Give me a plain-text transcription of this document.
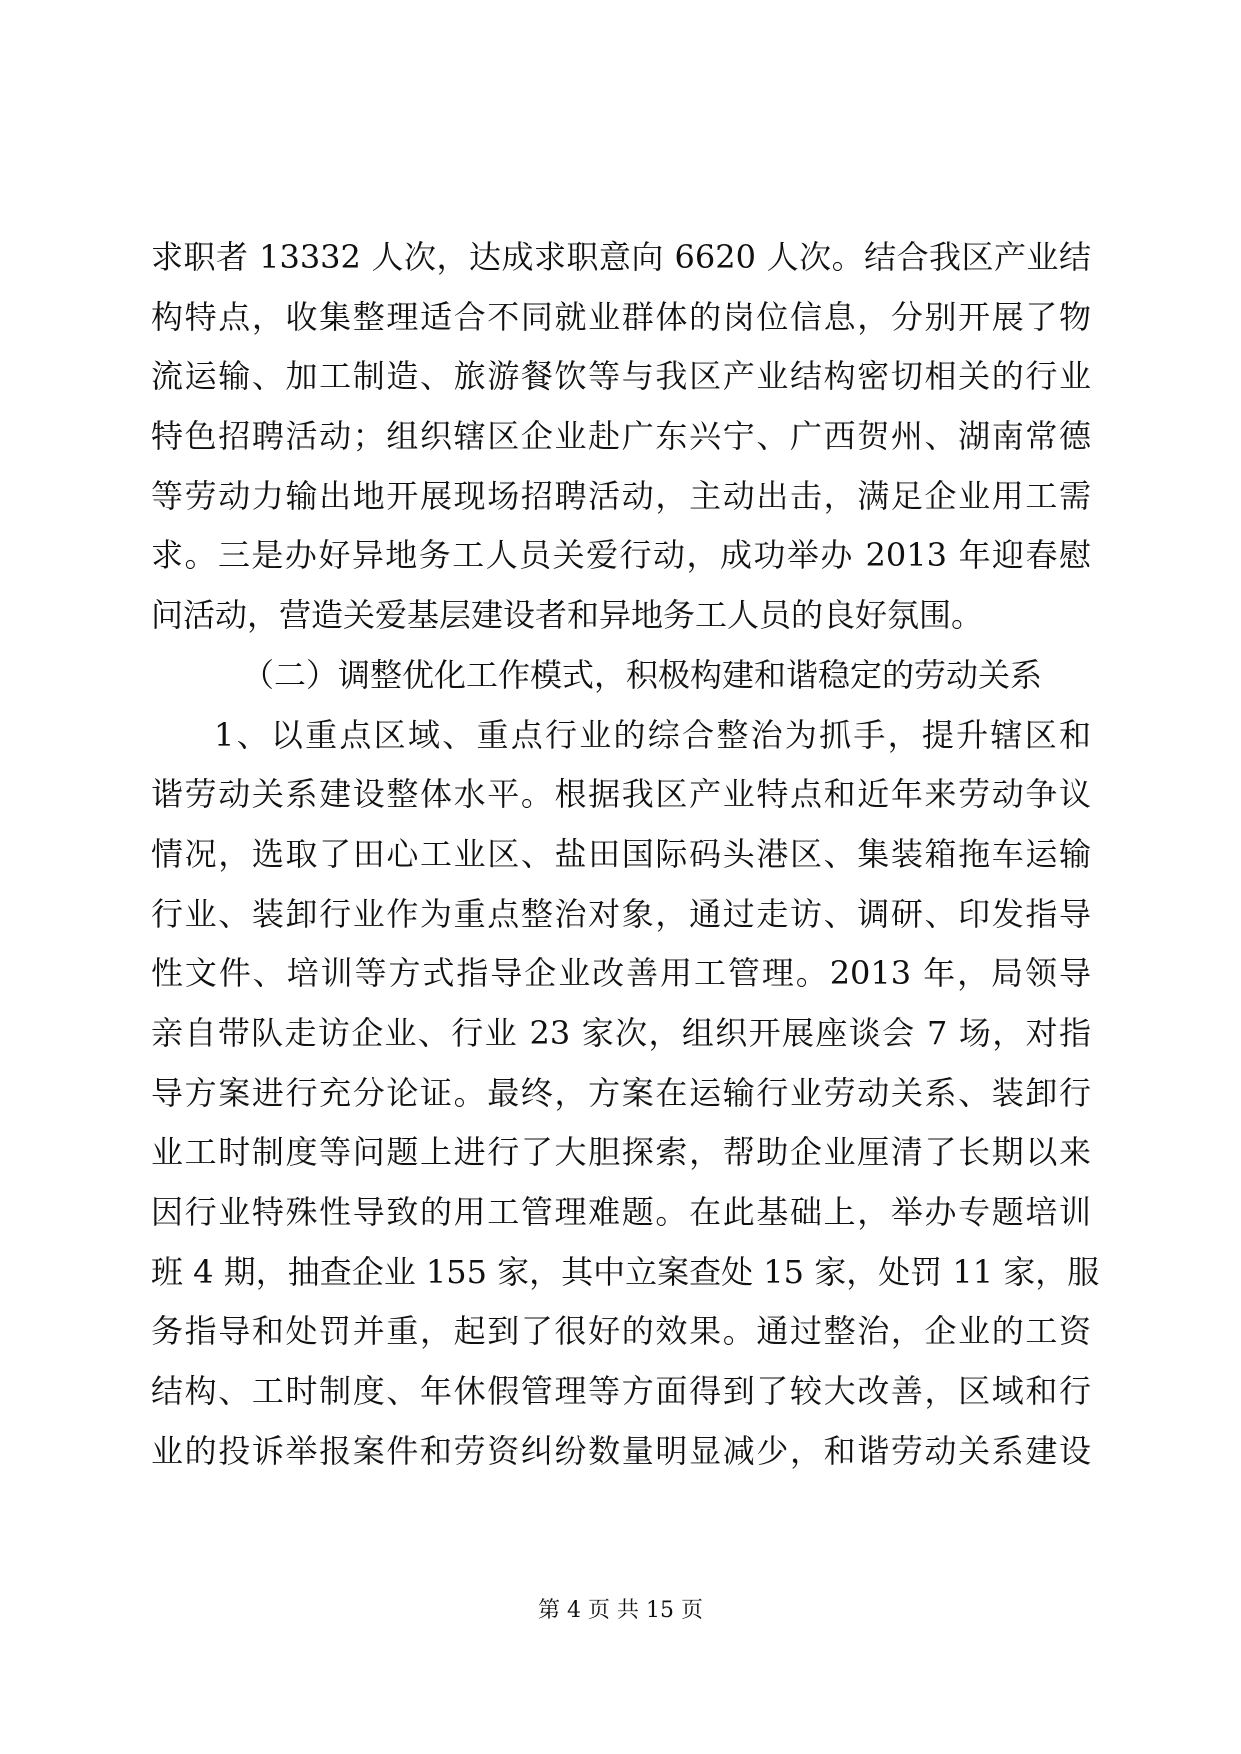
求职者 13332 人次，达成求职意向 6620 人次。结合我区产业结
构特点，收集整理适合不同就业群体的岗位信息，分别开展了物
流运输、加工制造、旅游餐饮等与我区产业结构密切相关的行业
特色招聘活动；组织辖区企业赴广东兴宁、广西贺州、湖南常德
等劳动力输出地开展现场招聘活动，主动出击，满足企业用工需
求。三是办好异地务工人员关爱行动，成功举办 2013 年迎春慰
问活动，营造关爱基层建设者和异地务工人员的良好氛围。
（二）调整优化工作模式，积极构建和谐稳定的劳动关系
1、以重点区域、重点行业的综合整治为抓手，提升辖区和
谐劳动关系建设整体水平。根据我区产业特点和近年来劳动争议
情况，选取了田心工业区、盐田国际码头港区、集装箱拖车运输
行业、装卸行业作为重点整治对象，通过走访、调研、印发指导
性文件、培训等方式指导企业改善用工管理。2013 年，局领导
亲自带队走访企业、行业 23 家次，组织开展座谈会 7 场，对指
导方案进行充分论证。最终，方案在运输行业劳动关系、装卸行
业工时制度等问题上进行了大胆探索，帮助企业厘清了长期以来
因行业特殊性导致的用工管理难题。在此基础上，举办专题培训
班 4 期，抽查企业 155 家，其中立案查处 15 家，处罚 11 家，服
务指导和处罚并重，起到了很好的效果。通过整治，企业的工资
结构、工时制度、年休假管理等方面得到了较大改善，区域和行
业的投诉举报案件和劳资纠纷数量明显减少，和谐劳动关系建设
第 4 页 共 15 页
